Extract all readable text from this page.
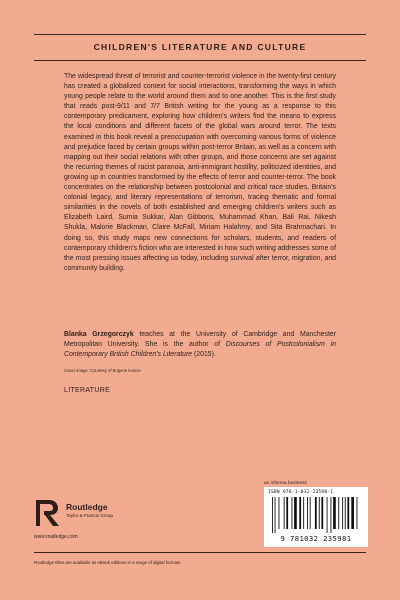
CHILDREN'S LITERATURE AND CULTURE

The widespread threat of terrorist and counter-terrorist violence in the twenty-first century has created a globalized context for social interactions, transforming the ways in which young people relate to the world around them and to one another. This is the first study that reads post-9/11 and 7/7 British writing for the young as a response to this contemporary predicament, exploring how children's writers find the means to express the local conditions and different facets of the global wars around terror. The texts examined in this book reveal a preoccupation with overcoming various forms of violence and prejudice faced by certain groups within post-terror Britain, as well as a concern with mapping out their social relations with other groups, and those concerns are set against the recurring themes of racist paranoia, anti-immigrant hostility, politicized identities, and growing up in countries transformed by the effects of terror and counter-terror. The book concentrates on the relationship between postcolonial and critical race studies, Britain's colonial legacy, and literary representations of terrorism, tracing thematic and formal similarities in the novels of both established and emerging children's writers such as Elizabeth Laird, Sumia Sukkar, Alan Gibbons, Muhammad Khan, Bali Rai, Nikesh Shukla, Malorie Blackman, Claire McFall, Miriam Halahmy, and Sita Brahmachari. In doing so, this study maps new connections for scholars, students, and readers of contemporary children's fiction who are interested in how such writing addresses some of the most pressing issues affecting us today, including survival after terror, migration, and community building.

Blanka Grzegorczyk teaches at the University of Cambridge and Manchester Metropolitan University. She is the author of Discourses of Postcolonialism in Contemporary British Children's Literature (2015).

Cover image: Courtesy of Eugene Ivanov
LITERATURE
an informa business
ISBN 978-1-032-23598-1
9 781032 235981
Routledge
Taylor & Francis Group
www.routledge.com
Routledge titles are available as eBook editions in a range of digital formats
